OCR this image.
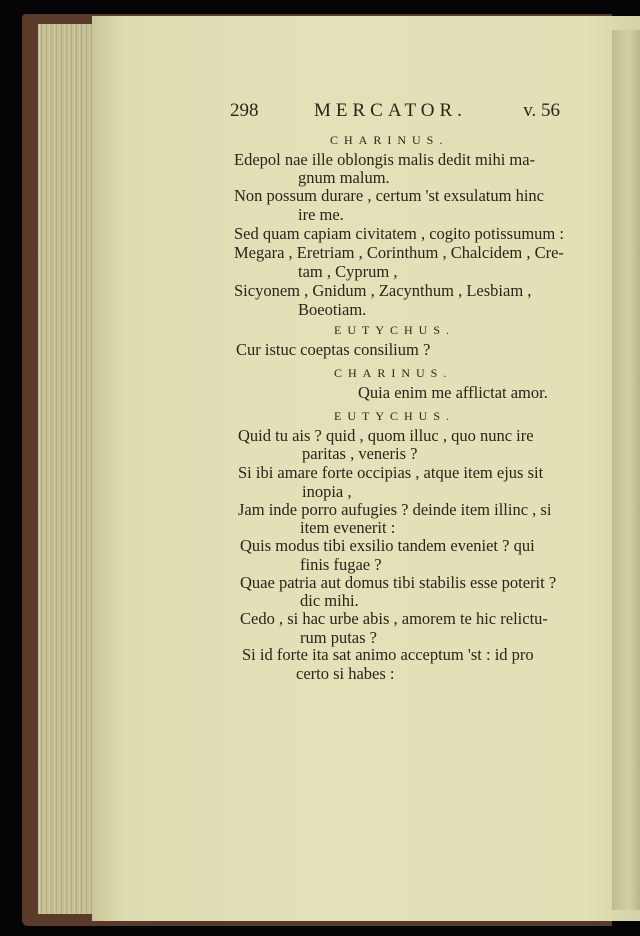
298	MERCATOR.	v. 56
CHARINUS.
Edepol nae ille oblongis malis dedit mihi ma-
gnum malum.
Non possum durare , certum 'st exsulatum hinc
ire me.
Sed quam capiam civitatem , cogito potissumum :
Megara , Eretriam , Corinthum , Chalcidem , Cre-
tam , Cyprum ,
Sicyonem , Gnidum , Zacynthum , Lesbiam ,
Boeotiam.
EUTYCHUS.
Cur istuc coeptas consilium ?
CHARINUS.
Quia enim me afflictat amor.
EUTYCHUS.
Quid tu ais ? quid , quom illuc , quo nunc ire
paritas , veneris ?
Si ibi amare forte occipias , atque item ejus sit
inopia ,
Jam inde porro aufugies ? deinde item illinc , si
item evenerit :
Quis modus tibi exsilio tandem eveniet ? qui
finis fugae ?
Quae patria aut domus tibi stabilis esse poterit ?
dic mihi.
Cedo , si hac urbe abis , amorem te hic relictu-
rum putas ?
Si id forte ita sat animo acceptum 'st : id pro
certo si habes :
